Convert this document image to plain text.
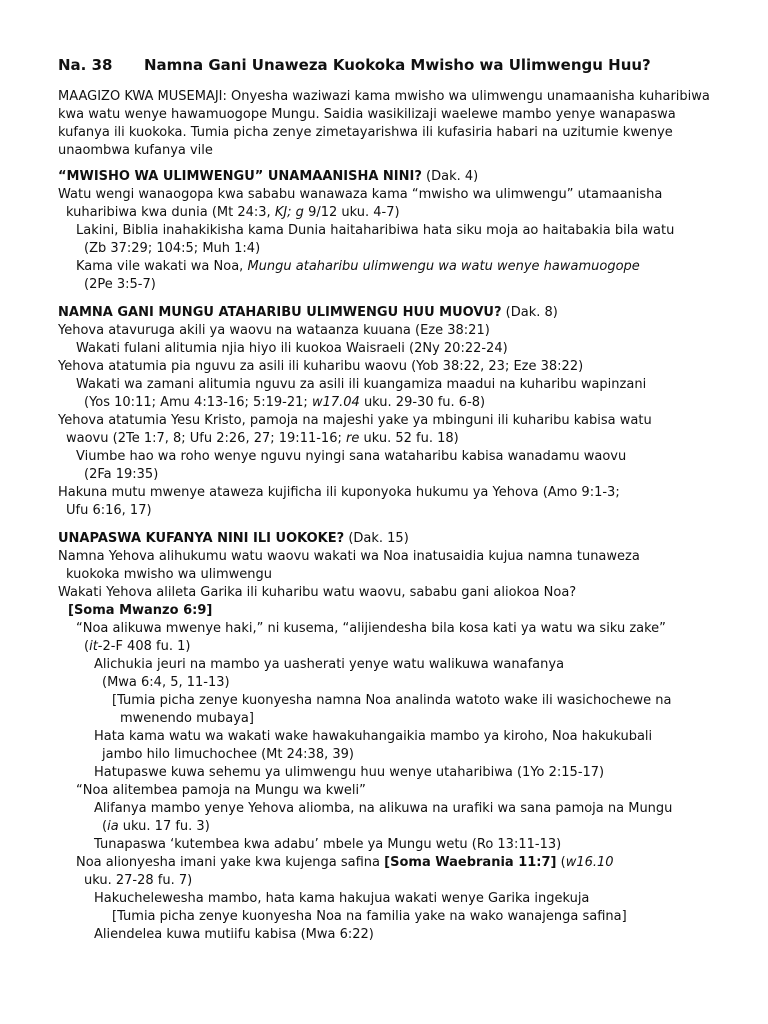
Na. 38 Namna Gani Unaweza Kuokoka Mwisho wa Ulimwengu Huu?
MAAGIZO KWA MUSEMAJI: Onyesha waziwazi kama mwisho wa ulimwengu unamaanisha kuharibiwa kwa watu wenye hawamuogope Mungu. Saidia wasikilizaji waelewe mambo yenye wanapaswa kufanya ili kuokoka. Tumia picha zenye zimetayarishwa ili kufasiria habari na uzitumie kwenye unaombwa kufanya vile
“MWISHO WA ULIMWENGU” UNAMAANISHA NINI? (Dak. 4)
Watu wengi wanaogopa kwa sababu wanawaza kama “mwisho wa ulimwengu” utamaanisha
kuharibiwa kwa dunia (Mt 24:3, KJ; g 9/12 uku. 4-7)
Lakini, Biblia inahakikisha kama Dunia haitaharibiwa hata siku moja ao haitabakia bila watu
(Zb 37:29; 104:5; Muh 1:4)
Kama vile wakati wa Noa, Mungu ataharibu ulimwengu wa watu wenye hawamuogope
(2Pe 3:5-7)
NAMNA GANI MUNGU ATAHARIBU ULIMWENGU HUU MUOVU? (Dak. 8)
Yehova atavuruga akili ya waovu na wataanza kuuana (Eze 38:21)
Wakati fulani alitumia njia hiyo ili kuokoa Waisraeli (2Ny 20:22-24)
Yehova atatumia pia nguvu za asili ili kuharibu waovu (Yob 38:22, 23; Eze 38:22)
Wakati wa zamani alitumia nguvu za asili ili kuangamiza maadui na kuharibu wapinzani
(Yos 10:11; Amu 4:13-16; 5:19-21; w17.04 uku. 29-30 fu. 6-8)
Yehova atatumia Yesu Kristo, pamoja na majeshi yake ya mbinguni ili kuharibu kabisa watu
waovu (2Te 1:7, 8; Ufu 2:26, 27; 19:11-16; re uku. 52 fu. 18)
Viumbe hao wa roho wenye nguvu nyingi sana wataharibu kabisa wanadamu waovu
(2Fa 19:35)
Hakuna mutu mwenye ataweza kujificha ili kuponyoka hukumu ya Yehova (Amo 9:1-3;
Ufu 6:16, 17)
UNAPASWA KUFANYA NINI ILI UOKOKE? (Dak. 15)
Namna Yehova alihukumu watu waovu wakati wa Noa inatusaidia kujua namna tunaweza
kuokoka mwisho wa ulimwengu
Wakati Yehova alileta Garika ili kuharibu watu waovu, sababu gani aliokoa Noa?
[Soma Mwanzo 6:9]
“Noa alikuwa mwenye haki,” ni kusema, “alijiendesha bila kosa kati ya watu wa siku zake”
(it-2-F 408 fu. 1)
Alichukia jeuri na mambo ya uasherati yenye watu walikuwa wanafanya
(Mwa 6:4, 5, 11-13)
[Tumia picha zenye kuonyesha namna Noa analinda watoto wake ili wasichochewe na
mwenendo mubaya]
Hata kama watu wa wakati wake hawakuhangaikia mambo ya kiroho, Noa hakukubali
jambo hilo limuchochee (Mt 24:38, 39)
Hatupaswe kuwa sehemu ya ulimwengu huu wenye utaharibiwa (1Yo 2:15-17)
“Noa alitembea pamoja na Mungu wa kweli”
Alifanya mambo yenye Yehova aliomba, na alikuwa na urafiki wa sana pamoja na Mungu
(ia uku. 17 fu. 3)
Tunapaswa ‘kutembea kwa adabu’ mbele ya Mungu wetu (Ro 13:11-13)
Noa alionyesha imani yake kwa kujenga safina [Soma Waebrania 11:7] (w16.10
uku. 27-28 fu. 7)
Hakuchelewesha mambo, hata kama hakujua wakati wenye Garika ingekuja
[Tumia picha zenye kuonyesha Noa na familia yake na wako wanajenga safina]
Aliendelea kuwa mutiifu kabisa (Mwa 6:22)
